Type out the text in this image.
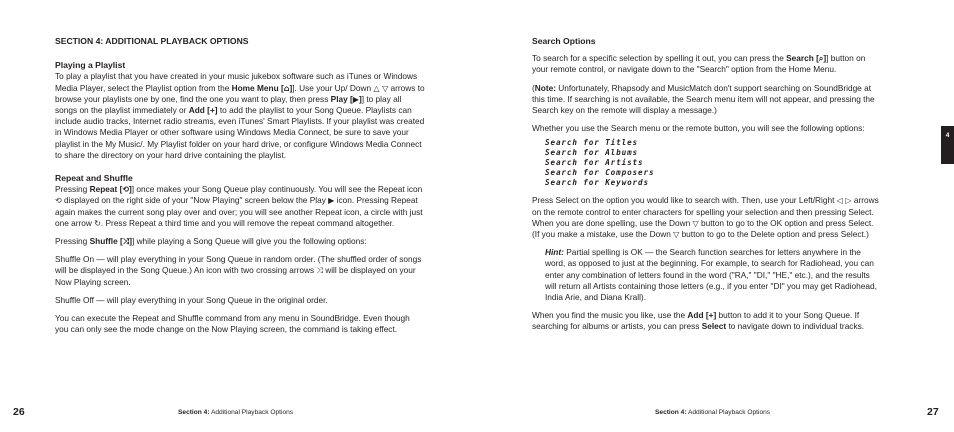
SECTION 4: ADDITIONAL PLAYBACK OPTIONS
Playing a Playlist

To play a playlist that you have created in your music jukebox software such as iTunes or Windows Media Player, select the Playlist option from the Home Menu [⌂]]. Use your Up/ Down △ ▽ arrows to browse your playlists one by one, find the one you want to play, then press Play [▶]] to play all songs on the playlist immediately or Add [+] to add the playlist to your Song Queue. Playlists can include audio tracks, Internet radio streams, even iTunes' Smart Playlists. If your playlist was created in Windows Media Player or other software using Windows Media Connect, be sure to save your playlist in the My Music/. My Playlist folder on your hard drive, or configure Windows Media Connect to share the directory on your hard drive containing the playlist.

Repeat and Shuffle

Pressing Repeat [⟲]] once makes your Song Queue play continuously. You will see the Repeat icon ⟲ displayed on the right side of your "Now Playing" screen below the Play ▶ icon. Pressing Repeat again makes the current song play over and over; you will see another Repeat icon, a circle with just one arrow ↻. Press Repeat a third time and you will remove the repeat command altogether.

Pressing Shuffle [⤨]] while playing a Song Queue will give you the following options:

Shuffle On — will play everything in your Song Queue in random order. (The shuffled order of songs will be displayed in the Song Queue.) An icon with two crossing arrows ⤨ will be displayed on your Now Playing screen.

Shuffle Off — will play everything in your Song Queue in the original order.

You can execute the Repeat and Shuffle command from any menu in SoundBridge. Even though you can only see the mode change on the Now Playing screen, the command is taking effect.

26	Section 4: Additional Playback Options
Search Options

To search for a specific selection by spelling it out, you can press the Search [⌕]] button on your remote control, or navigate down to the "Search" option from the Home Menu.

(Note: Unfortunately, Rhapsody and MusicMatch don't support searching on SoundBridge at this time. If searching is not available, the Search menu item will not appear, and pressing the Search key on the remote will display a message.)

Whether you use the Search menu or the remote button, you will see the following options:

Search for Titles
Search for Albums
Search for Artists
Search for Composers
Search for Keywords

Press Select on the option you would like to search with. Then, use your Left/Right ◁ ▷ arrows on the remote control to enter characters for spelling your selection and then pressing Select. When you are done spelling, use the Down ▽ button to go to the OK option and press Select. (If you make a mistake, use the Down ▽ button to go to the Delete option and press Select.)

Hint: Partial spelling is OK — the Search function searches for letters anywhere in the word, as opposed to just at the beginning. For example, to search for Radiohead, you can enter any combination of letters found in the word ("RA," "DI," "HE," etc.), and the results will return all Artists containing those letters (e.g., if you enter "DI" you may get Radiohead, India Arie, and Diana Krall).

When you find the music you like, use the Add [+] button to add it to your Song Queue. If searching for albums or artists, you can press Select to navigate down to individual tracks.

Section 4: Additional Playback Options	27
4
